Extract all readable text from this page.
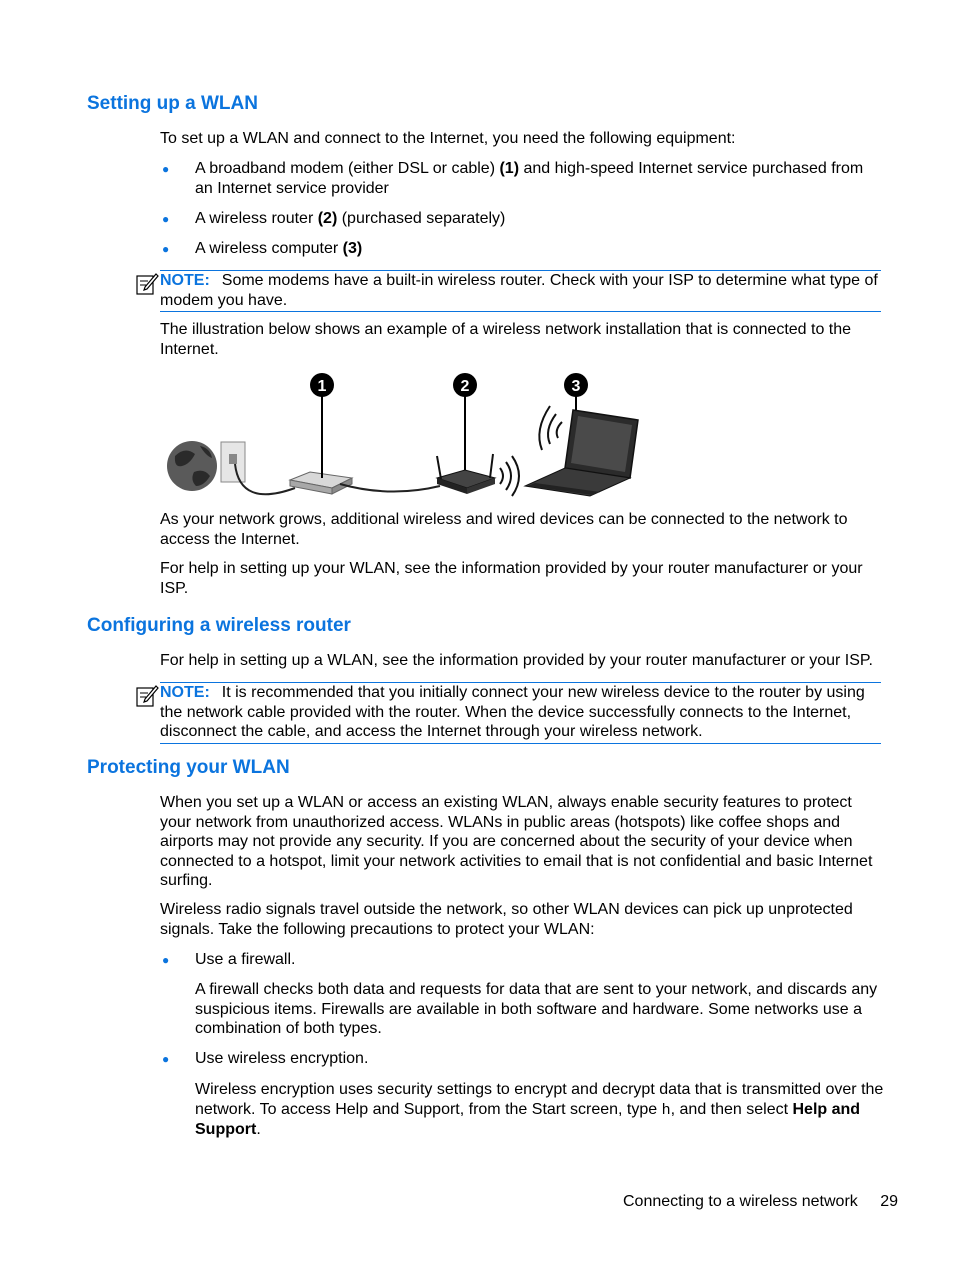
Setting up a WLAN

To set up a WLAN and connect to the Internet, you need the following equipment:

● A broadband modem (either DSL or cable) (1) and high-speed Internet service purchased from an Internet service provider

● A wireless router (2) (purchased separately)

● A wireless computer (3)

NOTE: Some modems have a built-in wireless router. Check with your ISP to determine what type of modem you have.

The illustration below shows an example of a wireless network installation that is connected to the Internet.

1	2	3

As your network grows, additional wireless and wired devices can be connected to the network to access the Internet.

For help in setting up your WLAN, see the information provided by your router manufacturer or your ISP.

Configuring a wireless router

For help in setting up a WLAN, see the information provided by your router manufacturer or your ISP.

NOTE: It is recommended that you initially connect your new wireless device to the router by using the network cable provided with the router. When the device successfully connects to the Internet, disconnect the cable, and access the Internet through your wireless network.
Protecting your WLAN

When you set up a WLAN or access an existing WLAN, always enable security features to protect your network from unauthorized access. WLANs in public areas (hotspots) like coffee shops and airports may not provide any security. If you are concerned about the security of your device when connected to a hotspot, limit your network activities to email that is not confidential and basic Internet surfing.

Wireless radio signals travel outside the network, so other WLAN devices can pick up unprotected signals. Take the following precautions to protect your WLAN:

● Use a firewall.

A firewall checks both data and requests for data that are sent to your network, and discards any suspicious items. Firewalls are available in both software and hardware. Some networks use a combination of both types.

● Use wireless encryption.

Wireless encryption uses security settings to encrypt and decrypt data that is transmitted over the network. To access Help and Support, from the Start screen, type h, and then select Help and Support.

Connecting to a wireless network 29
